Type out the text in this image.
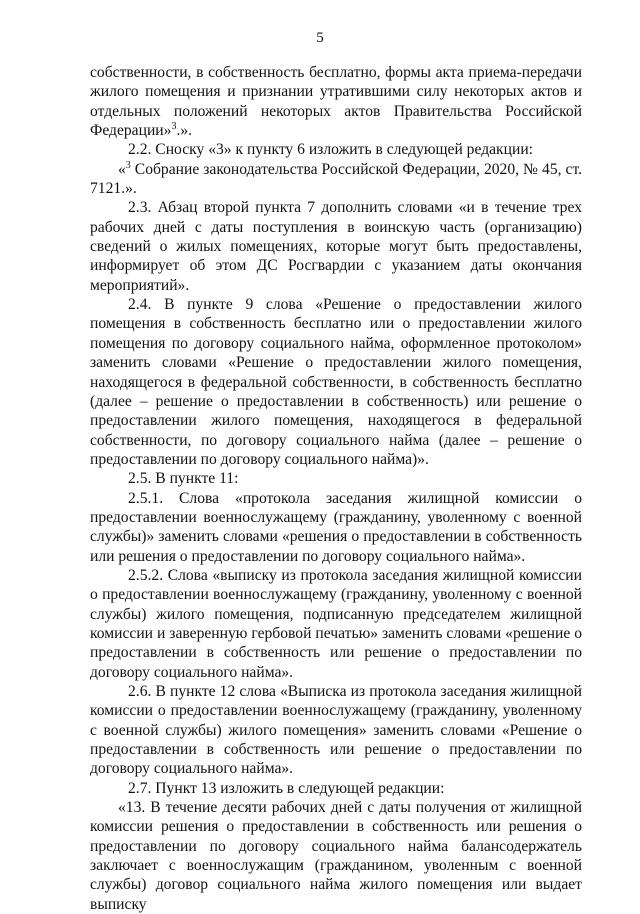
5

собственности, в собственность бесплатно, формы акта приема-передачи жилого помещения и признании утратившими силу некоторых актов и отдельных положений некоторых актов Правительства Российской Федерации»$^3$.».

2.2. Сноску «3» к пункту 6 изложить в следующей редакции:

«$^3$ Собрание законодательства Российской Федерации, 2020, № 45, ст. 7121.».

2.3. Абзац второй пункта 7 дополнить словами «и в течение трех рабочих дней с даты поступления в воинскую часть (организацию) сведений о жилых помещениях, которые могут быть предоставлены, информирует об этом ДС Росгвардии с указанием даты окончания мероприятий».

2.4. В пункте 9 слова «Решение о предоставлении жилого помещения в собственность бесплатно или о предоставлении жилого помещения по договору социального найма, оформленное протоколом» заменить словами «Решение о предоставлении жилого помещения, находящегося в федеральной собственности, в собственность бесплатно (далее – решение о предоставлении в собственность) или решение о предоставлении жилого помещения, находящегося в федеральной собственности, по договору социального найма (далее – решение о предоставлении по договору социального найма)».

2.5. В пункте 11:

2.5.1. Слова «протокола заседания жилищной комиссии о предоставлении военнослужащему (гражданину, уволенному с военной службы)» заменить словами «решения о предоставлении в собственность или решения о предоставлении по договору социального найма».

2.5.2. Слова «выписку из протокола заседания жилищной комиссии о предоставлении военнослужащему (гражданину, уволенному с военной службы) жилого помещения, подписанную председателем жилищной комиссии и заверенную гербовой печатью» заменить словами «решение о предоставлении в собственность или решение о предоставлении по договору социального найма».

2.6. В пункте 12 слова «Выписка из протокола заседания жилищной комиссии о предоставлении военнослужащему (гражданину, уволенному с военной службы) жилого помещения» заменить словами «Решение о предоставлении в собственность или решение о предоставлении по договору социального найма».

2.7. Пункт 13 изложить в следующей редакции:

«13. В течение десяти рабочих дней с даты получения от жилищной комиссии решения о предоставлении в собственность или решения о предоставлении по договору социального найма балансодержатель заключает с военнослужащим (гражданином, уволенным с военной службы) договор социального найма жилого помещения или выдает выписку
